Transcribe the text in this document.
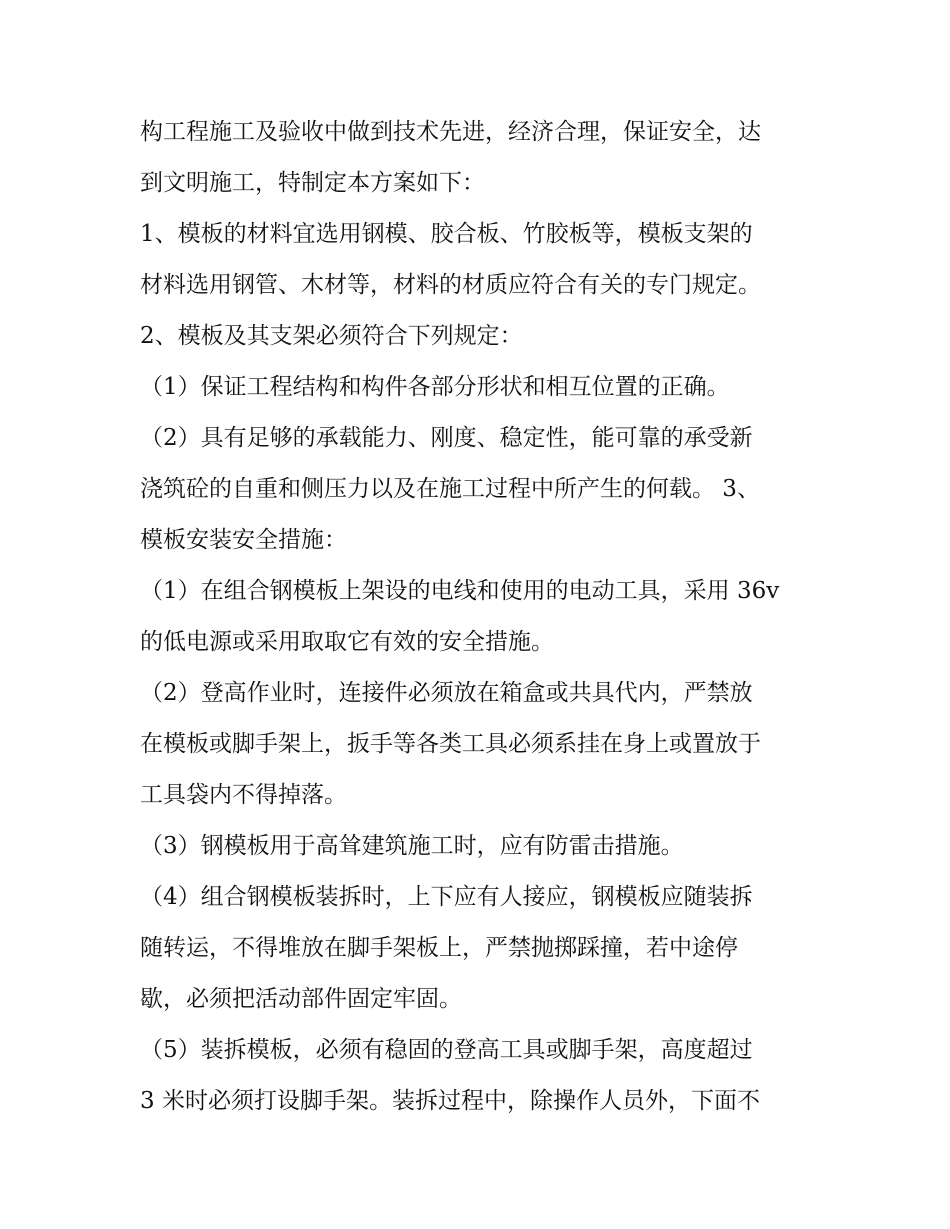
构工程施工及验收中做到技术先进，经济合理，保证安全，达
到文明施工，特制定本方案如下：
1、模板的材料宜选用钢模、胶合板、竹胶板等，模板支架的
材料选用钢管、木材等，材料的材质应符合有关的专门规定。
2、模板及其支架必须符合下列规定：
（1）保证工程结构和构件各部分形状和相互位置的正确。
（2）具有足够的承载能力、刚度、稳定性，能可靠的承受新
浇筑砼的自重和侧压力以及在施工过程中所产生的何载。 3、
模板安装安全措施：
（1）在组合钢模板上架设的电线和使用的电动工具，采用 36v
的低电源或采用取取它有效的安全措施。
（2）登高作业时，连接件必须放在箱盒或共具代内，严禁放
在模板或脚手架上，扳手等各类工具必须系挂在身上或置放于
工具袋内不得掉落。
（3）钢模板用于高耸建筑施工时，应有防雷击措施。
（4）组合钢模板装拆时，上下应有人接应，钢模板应随装拆
随转运，不得堆放在脚手架板上，严禁抛掷踩撞，若中途停
歇，必须把活动部件固定牢固。
（5）装拆模板，必须有稳固的登高工具或脚手架，高度超过
3 米时必须打设脚手架。装拆过程中，除操作人员外，下面不
